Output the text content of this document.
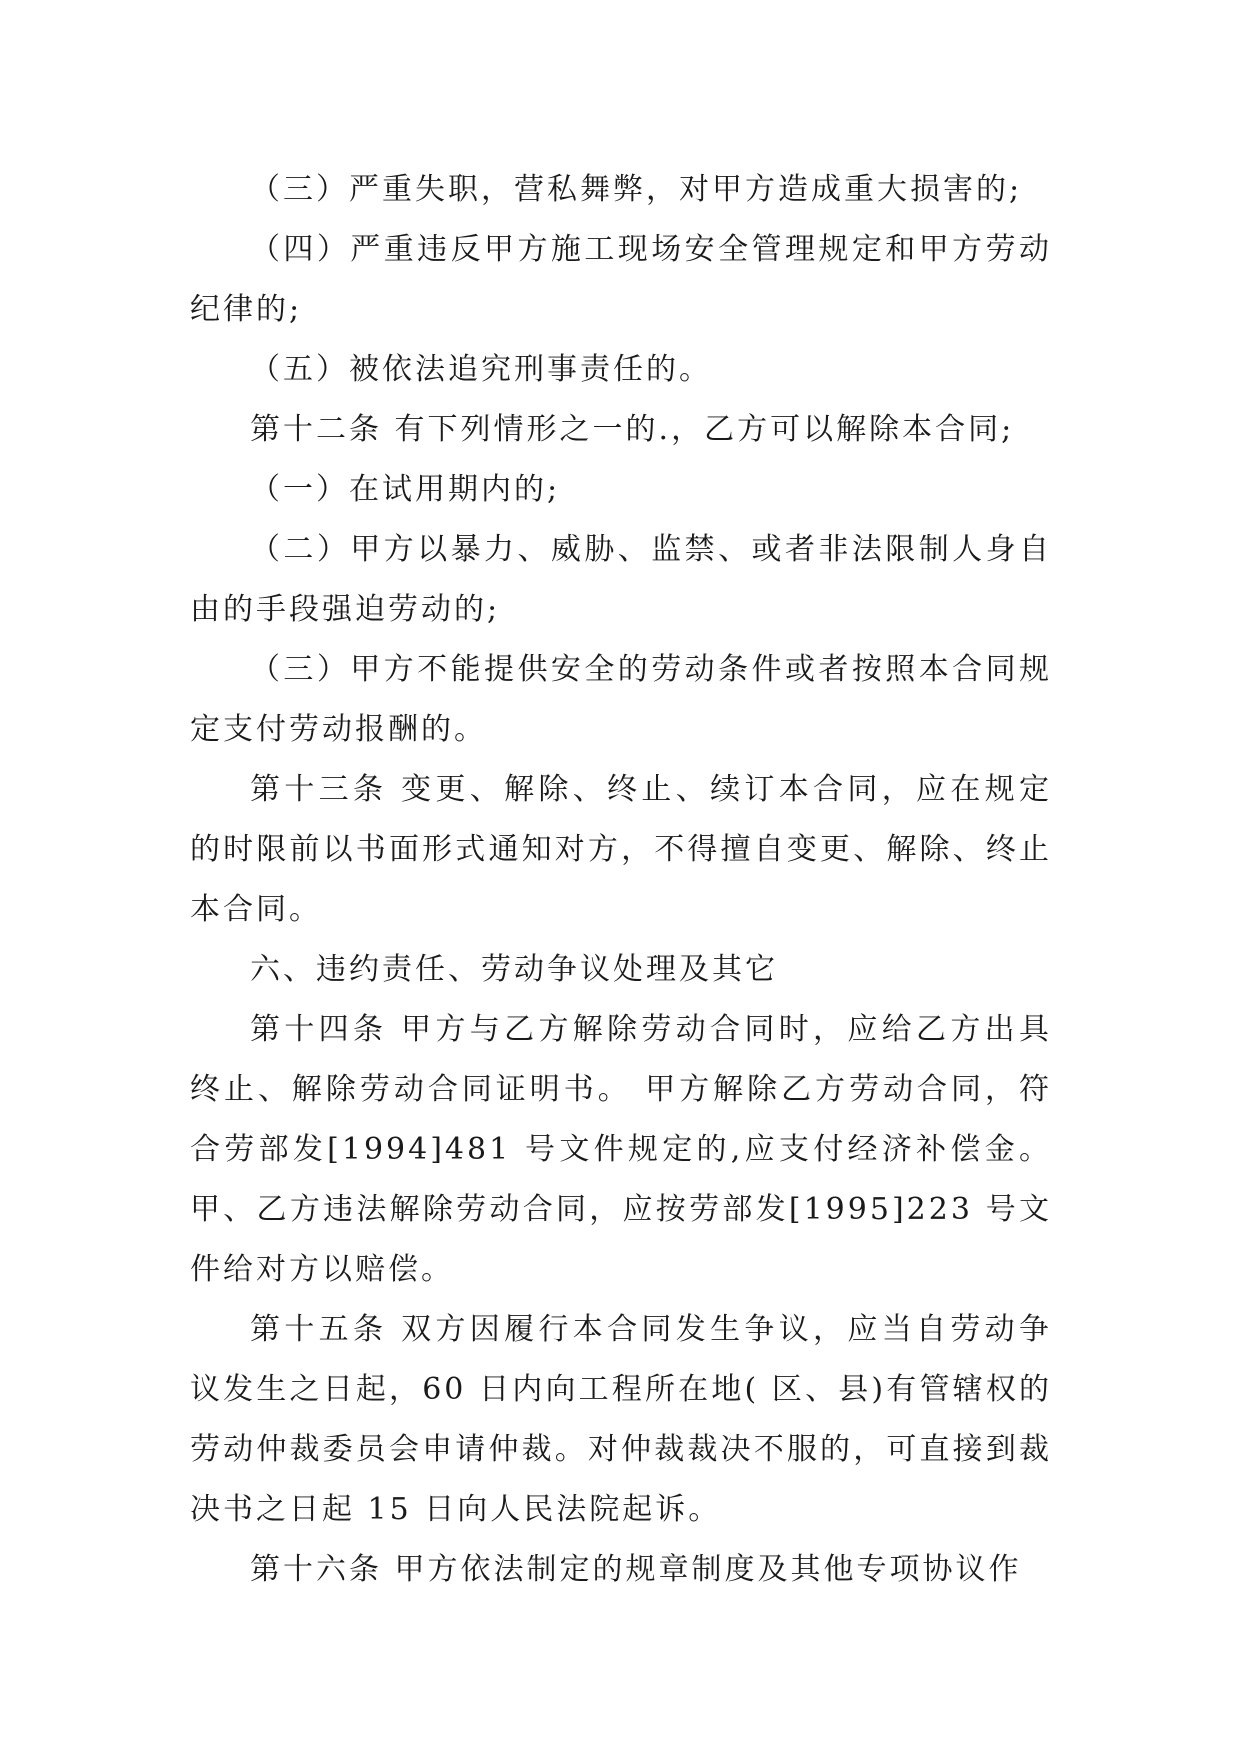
（三）严重失职，营私舞弊，对甲方造成重大损害的;

（四）严重违反甲方施工现场安全管理规定和甲方劳动纪律的;

（五）被依法追究刑事责任的。

第十二条 有下列情形之一的.，乙方可以解除本合同;

（一）在试用期内的;

（二）甲方以暴力、威胁、监禁、或者非法限制人身自由的手段强迫劳动的;

（三）甲方不能提供安全的劳动条件或者按照本合同规定支付劳动报酬的。

第十三条 变更、解除、终止、续订本合同，应在规定的时限前以书面形式通知对方，不得擅自变更、解除、终止本合同。

六、违约责任、劳动争议处理及其它

第十四条 甲方与乙方解除劳动合同时，应给乙方出具终止、解除劳动合同证明书。 甲方解除乙方劳动合同，符合劳部发[1994]481 号文件规定的,应支付经济补偿金。甲、乙方违法解除劳动合同，应按劳部发[1995]223 号文件给对方以赔偿。

第十五条 双方因履行本合同发生争议，应当自劳动争议发生之日起，60 日内向工程所在地( 区、县)有管辖权的劳动仲裁委员会申请仲裁。对仲裁裁决不服的，可直接到裁决书之日起 15 日向人民法院起诉。

第十六条 甲方依法制定的规章制度及其他专项协议作
